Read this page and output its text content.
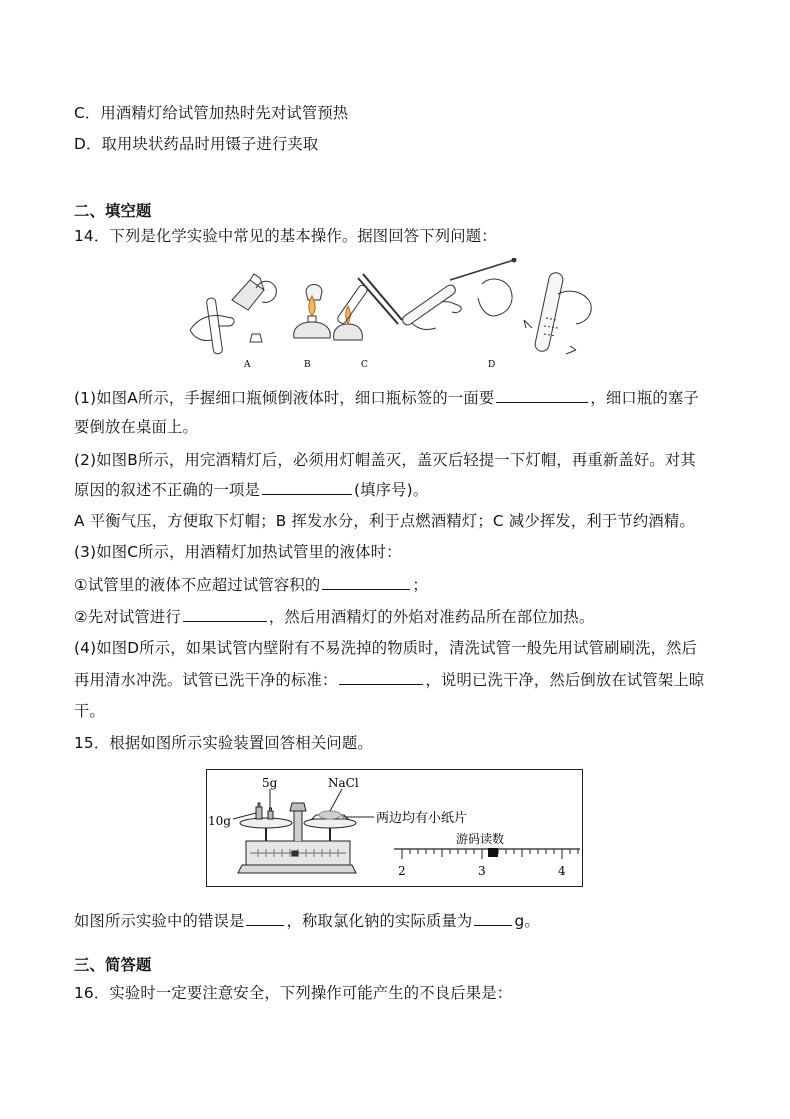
C．用酒精灯给试管加热时先对试管预热
D．取用块状药品时用镊子进行夹取
二、填空题
14．下列是化学实验中常见的基本操作。据图回答下列问题：
A	B	C	D
(1)如图A所示，手握细口瓶倾倒液体时，细口瓶标签的一面要	，细口瓶的塞子
要倒放在桌面上。
(2)如图B所示，用完酒精灯后，必须用灯帽盖灭，盖灭后轻提一下灯帽，再重新盖好。对其
原因的叙述不正确的一项是	(填序号)。
A 平衡气压，方便取下灯帽；B 挥发水分，利于点燃酒精灯；C 减少挥发，利于节约酒精。
(3)如图C所示，用酒精灯加热试管里的液体时：
①试管里的液体不应超过试管容积的	；
②先对试管进行	，然后用酒精灯的外焰对准药品所在部位加热。
(4)如图D所示，如果试管内壁附有不易洗掉的物质时，清洗试管一般先用试管刷刷洗，然后
再用清水冲洗。试管已洗干净的标准：	，说明已洗干净，然后倒放在试管架上晾
干。
15．根据如图所示实验装置回答相关问题。
5g	NaCl
10g	两边均有小纸片
游码读数
2	3	4
如图所示实验中的错误是	，称取氯化钠的实际质量为	g。
三、简答题
16．实验时一定要注意安全，下列操作可能产生的不良后果是：
